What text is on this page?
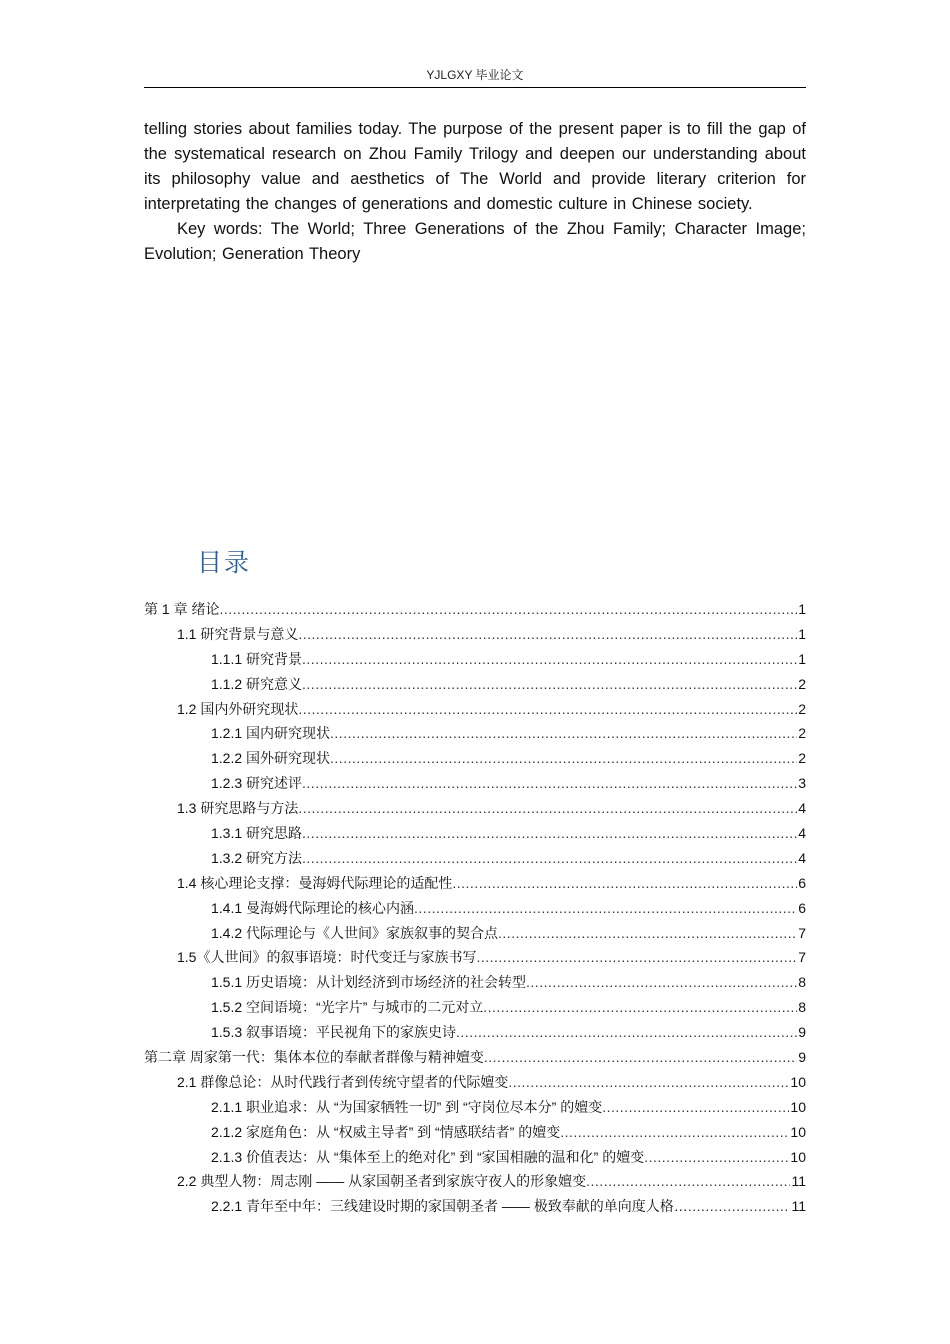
YJLGXY 毕业论文

telling stories about families today. The purpose of the present paper is to fill the gap of the systematical research on Zhou Family Trilogy and deepen our understanding about its philosophy value and aesthetics of The World and provide literary criterion for interpretating the changes of generations and domestic culture in Chinese society.

Key words: The World; Three Generations of the Zhou Family; Character Image; Evolution; Generation Theory

目录
第 1 章 绪论 .....	1
1.1 研究背景与意义 .....	1
1.1.1 研究背景 .....	1
1.1.2 研究意义 .....	2
1.2 国内外研究现状 .....	2
1.2.1 国内研究现状 .....	2
1.2.2 国外研究现状 .....	2
1.2.3 研究述评 .....	3
1.3 研究思路与方法 .....	4
1.3.1 研究思路 .....	4
1.3.2 研究方法 .....	4
1.4 核心理论支撑：曼海姆代际理论的适配性 .....	6
1.4.1 曼海姆代际理论的核心内涵 .....	6
1.4.2 代际理论与《人世间》家族叙事的契合点 .....	7
1.5《人世间》的叙事语境：时代变迁与家族书写 .....	7
1.5.1 历史语境：从计划经济到市场经济的社会转型 .....	8
1.5.2 空间语境：“光字片” 与城市的二元对立 .....	8
1.5.3 叙事语境：平民视角下的家族史诗 .....	9
第二章 周家第一代：集体本位的奉献者群像与精神嬗变 .....	9
2.1 群像总论：从时代践行者到传统守望者的代际嬗变 .....	10
2.1.1 职业追求：从 “为国家牺牲一切” 到 “守岗位尽本分” 的嬗变 .....	10
2.1.2 家庭角色：从 “权威主导者” 到 “情感联结者” 的嬗变 .....	10
2.1.3 价值表达：从 “集体至上的绝对化” 到 “家国相融的温和化” 的嬗变 .....	10
2.2 典型人物：周志刚 —— 从家国朝圣者到家族守夜人的形象嬗变 .....	11
2.2.1 青年至中年：三线建设时期的家国朝圣者 —— 极致奉献的单向度人格… .....	11
